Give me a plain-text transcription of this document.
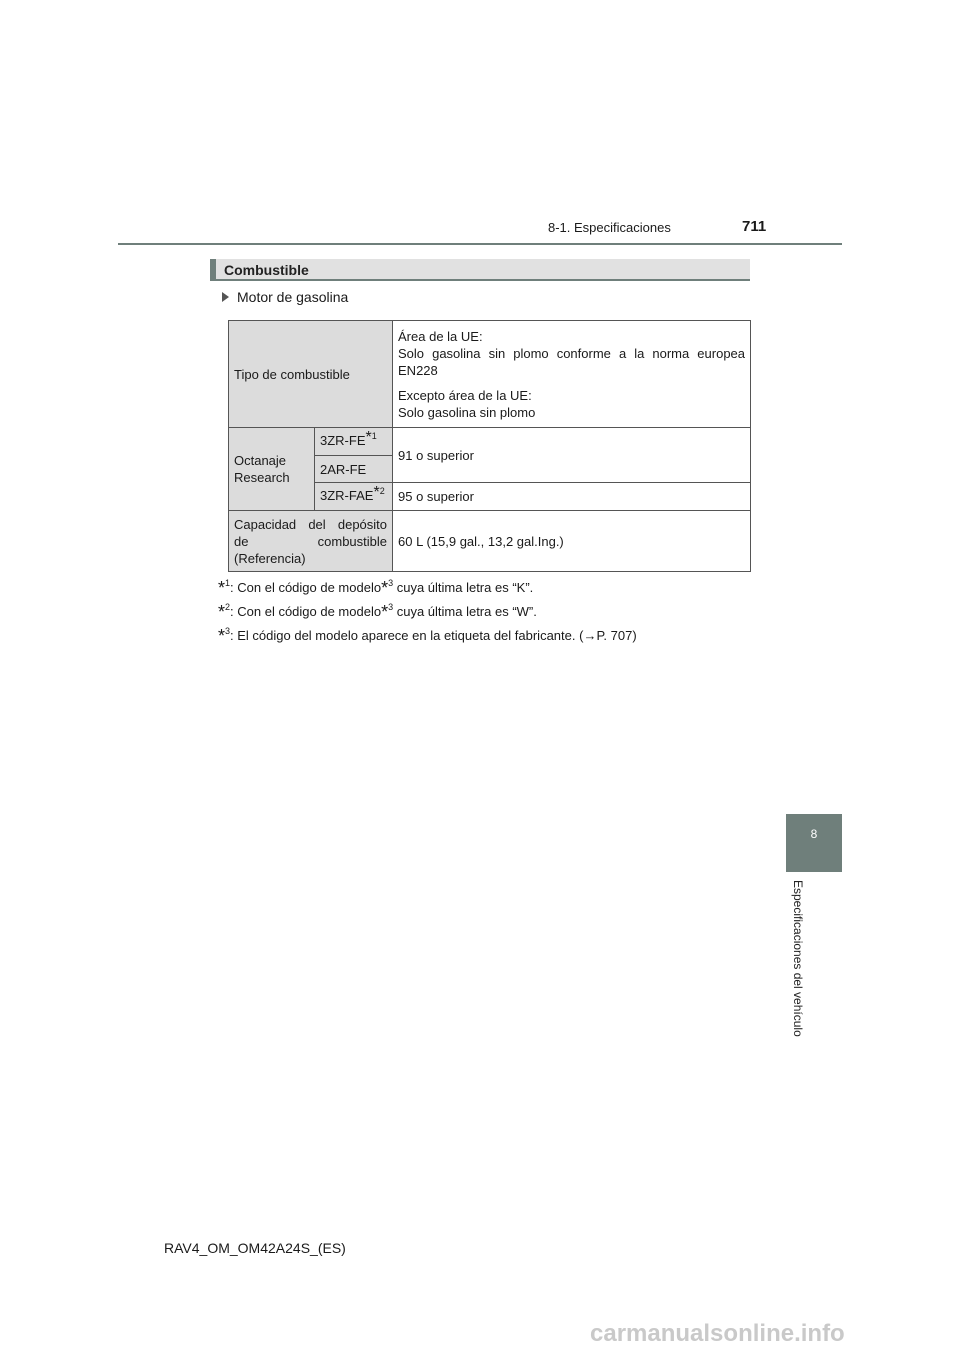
8-1. Especificaciones	711
Combustible
Motor de gasolina
Tipo de combustible		Área de la UE:
Solo gasolina sin plomo conforme a la norma europea EN228
Excepto área de la UE:
Solo gasolina sin plomo

Octanaje Research	3ZR-FE*$^1$	91 o superior
	2AR-FE	
	3ZR-FAE*$^2$	95 o superior
Capacidad del depósito de combustible (Referencia)		60 L (15,9 gal., 13,2 gal.Ing.)
*$^1$: Con el código de modelo*$^3$ cuya última letra es “K”.
*$^2$: Con el código de modelo*$^3$ cuya última letra es “W”.
*$^3$: El código del modelo aparece en la etiqueta del fabricante. (→P. 707)
8
Especificaciones del vehículo
RAV4_OM_OM42A24S_(ES)
carmanualsonline.info
